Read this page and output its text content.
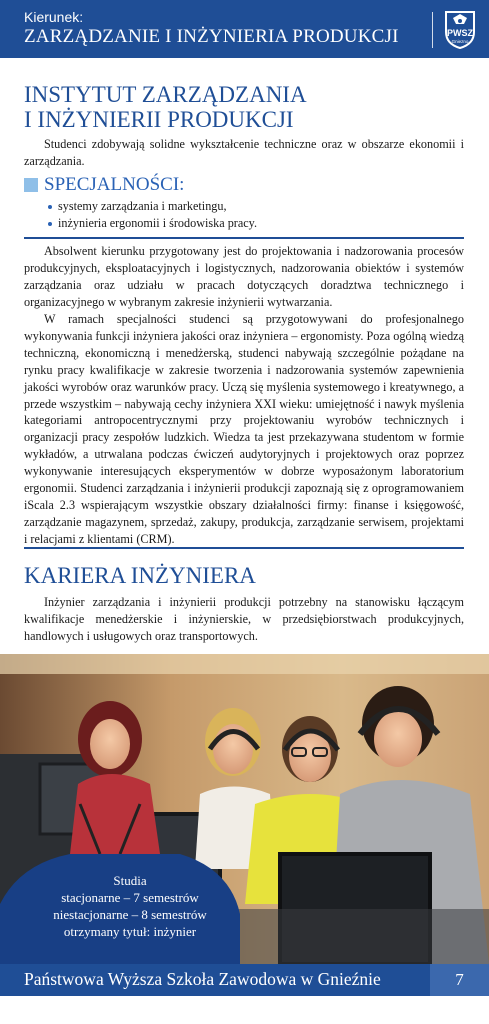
Kierunek:
ZARZĄDZANIE I INŻYNIERIA PRODUKCJI	PWSZ
Gniezno
INSTYTUT ZARZĄDZANIA
I INŻYNIERII PRODUKCJI

Studenci zdobywają solidne wykształcenie techniczne oraz w obszarze ekonomii i zarządzania.

SPECJALNOŚCI:
systemy zarządzania i marketingu,
inżynieria ergonomii i środowiska pracy.

Absolwent kierunku przygotowany jest do projektowania i nadzorowania procesów produkcyjnych, eksploatacyjnych i logistycznych, nadzorowania obiektów i systemów zarządzania oraz udziału w pracach dotyczących doradztwa technicznego i organizacyjnego w wybranym zakresie inżynierii wytwarzania.

W ramach specjalności studenci są przygotowywani do profesjonalnego wykonywania funkcji inżyniera jakości oraz inżyniera – ergonomisty. Poza ogólną wiedzą techniczną, ekonomiczną i menedżerską, studenci nabywają szczególnie pożądane na rynku pracy kwalifikacje w zakresie tworzenia i nadzorowania systemów zapewnienia jakości wyrobów oraz warunków pracy. Uczą się myślenia systemowego i kreatywnego, a przede wszystkim – nabywają cechy inżyniera XXI wieku: umiejętność i nawyk myślenia kategoriami antropocentrycznymi przy projektowaniu wyrobów technicznych i organizacji pracy zespołów ludzkich. Wiedza ta jest przekazywana studentom w formie wykładów, a utrwalana podczas ćwiczeń audytoryjnych i projektowych oraz poprzez wykonywanie interesujących eksperymentów w dobrze wyposażonym laboratorium ergonomii. Studenci zarządzania i inżynierii produkcji zapoznają się z oprogramowaniem iScala 2.3 wspierającym wszystkie obszary działalności firmy: finanse i księgowość, zarządzanie magazynem, sprzedaż, zakupy, produkcja, zarządzanie serwisem, projektami i relacjami z klientami (CRM).

KARIERA INŻYNIERA

Inżynier zarządzania i inżynierii produkcji potrzebny na stanowisku łączącym kwalifikacje menedżerskie i inżynierskie, w przedsiębiorstwach produkcyjnych, handlowych i usługowych oraz transportowych.

Studia
stacjonarne – 7 semestrów
niestacjonarne – 8 semestrów
otrzymany tytuł: inżynier
Państwowa Wyższa Szkoła Zawodowa w Gnieźnie	7
